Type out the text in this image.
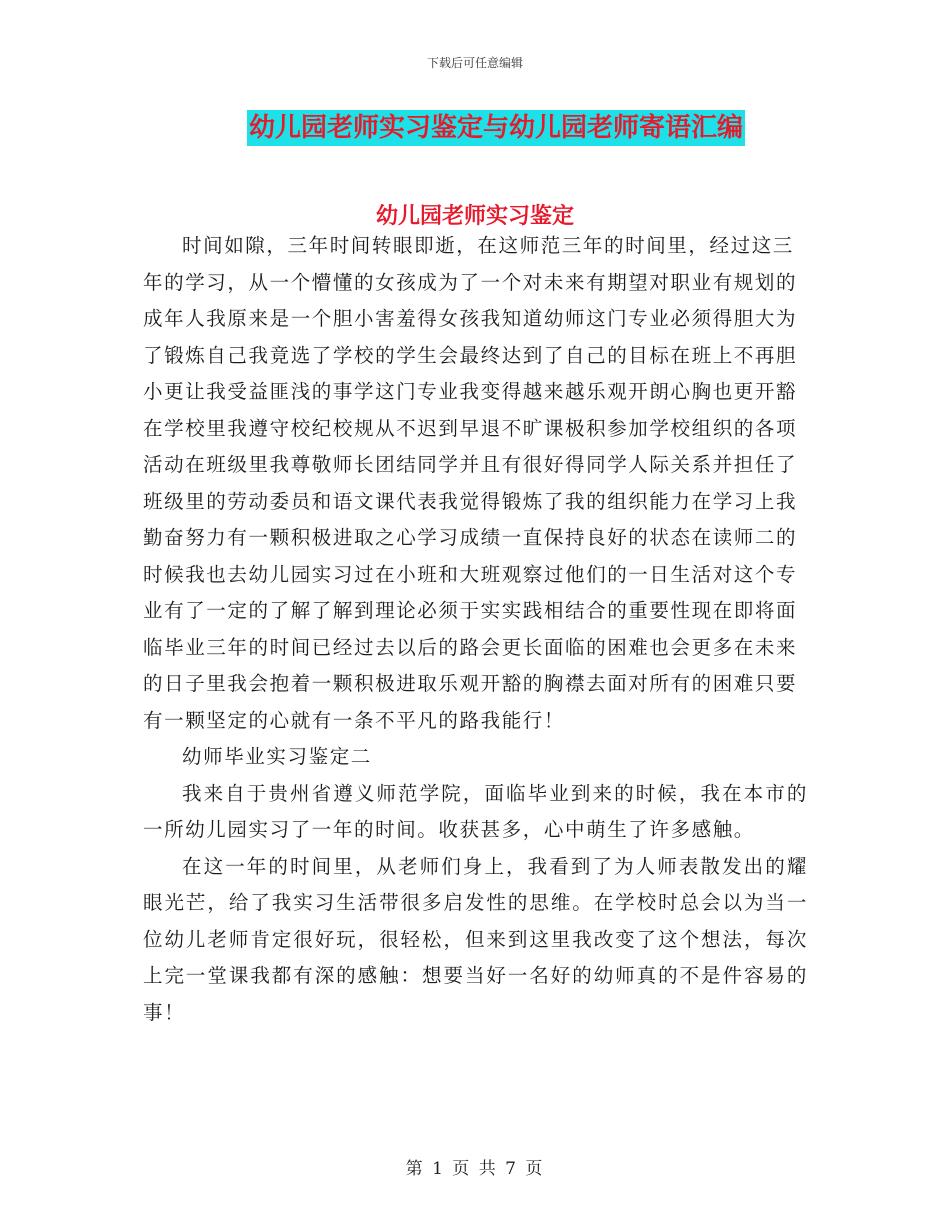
下载后可任意编辑
幼儿园老师实习鉴定与幼儿园老师寄语汇编
幼儿园老师实习鉴定

时间如隙，三年时间转眼即逝，在这师范三年的时间里，经过这三年的学习，从一个懵懂的女孩成为了一个对未来有期望对职业有规划的成年人我原来是一个胆小害羞得女孩我知道幼师这门专业必须得胆大为了锻炼自己我竟选了学校的学生会最终达到了自己的目标在班上不再胆小更让我受益匪浅的事学这门专业我变得越来越乐观开朗心胸也更开豁在学校里我遵守校纪校规从不迟到早退不旷课极积参加学校组织的各项活动在班级里我尊敬师长团结同学并且有很好得同学人际关系并担任了班级里的劳动委员和语文课代表我觉得锻炼了我的组织能力在学习上我勤奋努力有一颗积极进取之心学习成绩一直保持良好的状态在读师二的时候我也去幼儿园实习过在小班和大班观察过他们的一日生活对这个专业有了一定的了解了解到理论必须于实实践相结合的重要性现在即将面临毕业三年的时间已经过去以后的路会更长面临的困难也会更多在未来的日子里我会抱着一颗积极进取乐观开豁的胸襟去面对所有的困难只要有一颗坚定的心就有一条不平凡的路我能行！

幼师毕业实习鉴定二

我来自于贵州省遵义师范学院，面临毕业到来的时候，我在本市的一所幼儿园实习了一年的时间。收获甚多，心中萌生了许多感触。

在这一年的时间里，从老师们身上，我看到了为人师表散发出的耀眼光芒，给了我实习生活带很多启发性的思维。在学校时总会以为当一位幼儿老师肯定很好玩，很轻松，但来到这里我改变了这个想法，每次上完一堂课我都有深的感触：想要当好一名好的幼师真的不是件容易的事！

第 1 页 共 7 页
